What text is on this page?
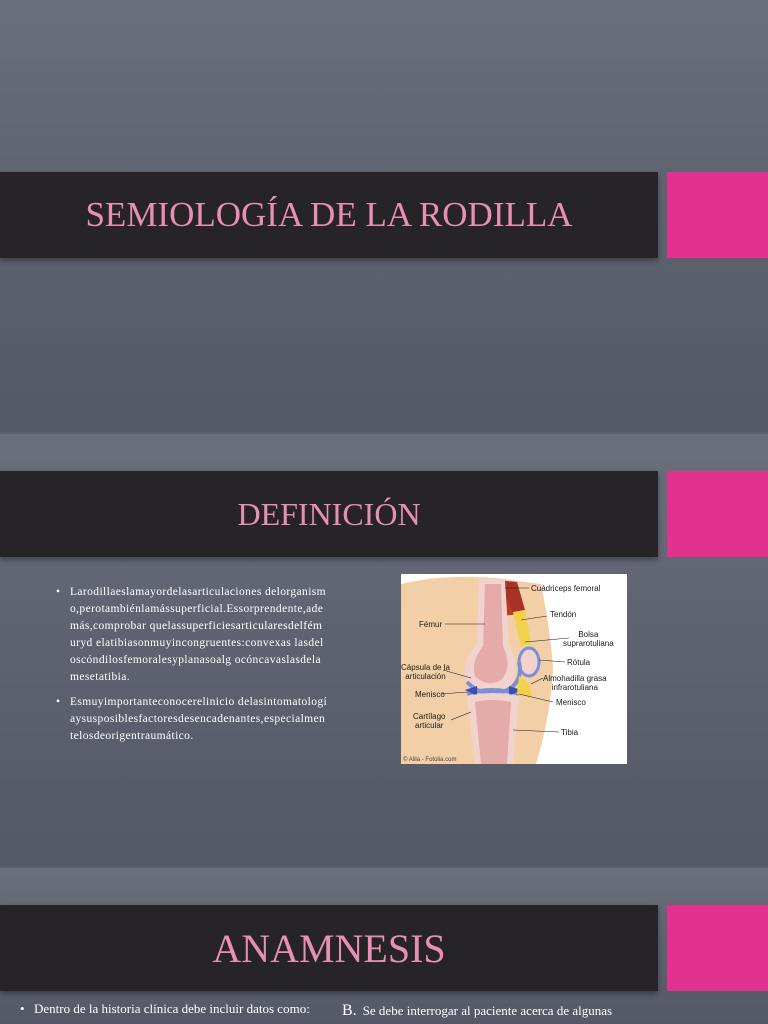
SEMIOLOGÍA DE LA RODILLA
DEFINICIÓN
• Larodillaeslamayordelasarticulaciones delorganismo,perotambiénlamássuperficial.Essorprendente,además,comprobar quelassuperficiesarticularesdelfémuryd elatibiasonmuyincongruentes:convexas lasdeloscóndilosfemoralesyplanasoalg ocóncavaslasdelamesetatibia.
• Esmuyimportanteconocerelinicio delasintomatologíaysusposiblesfactoresdesencadenantes,especialmentelosdeorigentraumático.
Cuádriceps femoral
Fémur
Tendón
Bolsa
suprarotuliana
Cápsula de la
articulación
Rótula
Almohadilla grasa
infrarotuliana
Menisco
Menisco
Cartílago
articular
Tibia
© Alila - Fotolia.com
ANAMNESIS
• Dentro de la historia clínica debe incluir datos como:	B. Se debe interrogar al paciente acerca de algunas
